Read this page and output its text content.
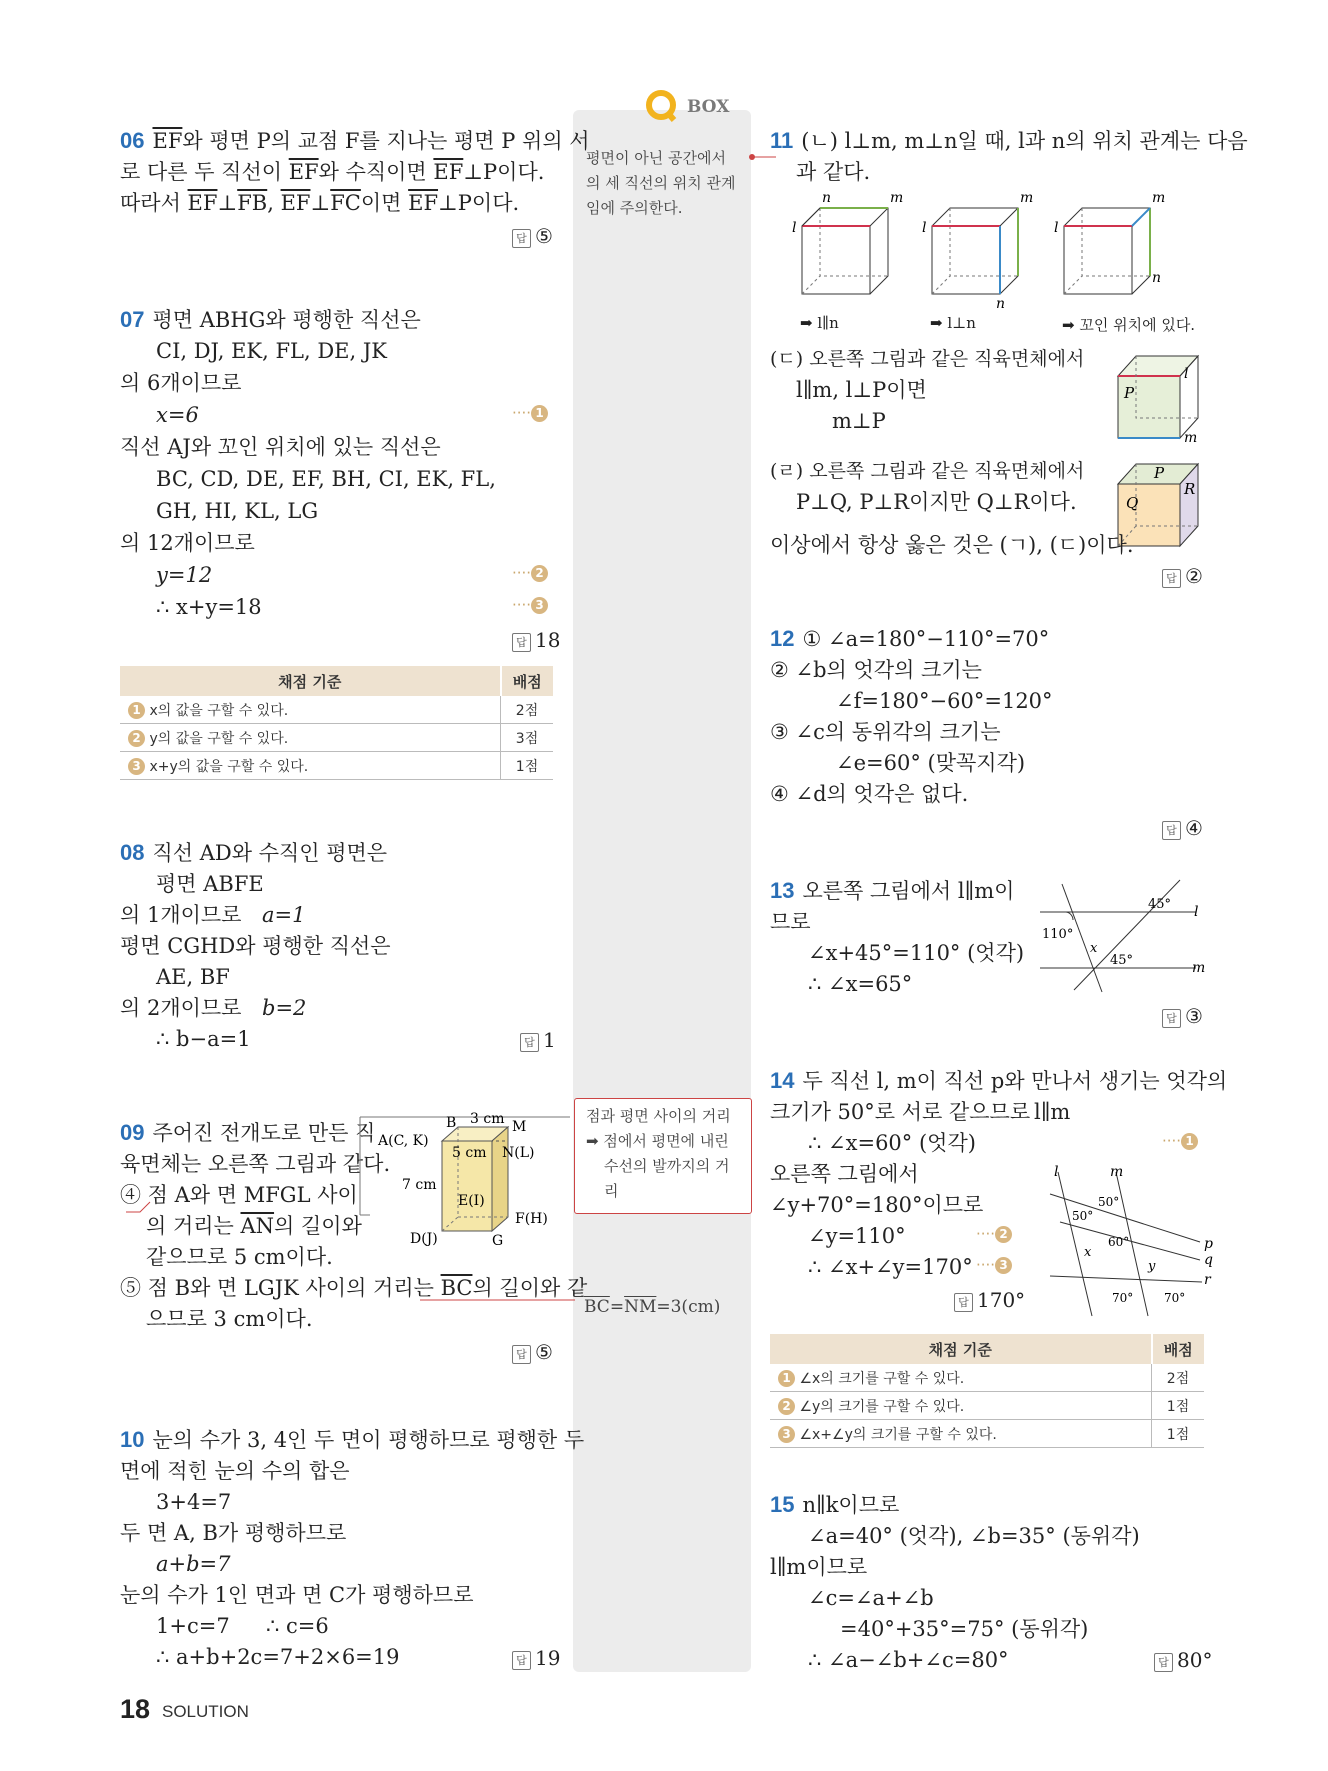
BOX
06 $\overline{EF}$와 평면 P의 교점 F를 지나는 평면 P 위의 서
로 다른 두 직선이 $\overline{EF}$와 수직이면 $\overline{EF}\perp P$이다.
따라서 $\overline{EF}\perp\overline{FB}$, $\overline{EF}\perp\overline{FC}$이면 $\overline{EF}\perp P$이다.
답 ⑤
07 평면 ABHG와 평행한 직선은
CI, DJ, EK, FL, DE, JK
의 6개이므로
x=6	···· 1
직선 AJ와 꼬인 위치에 있는 직선은
BC, CD, DE, EF, BH, CI, EK, FL,
GH, HI, KL, LG
의 12개이므로
y=12	···· 2
∴ x+y=18	···· 3
답 18
채점 기준	배점
1 x의 값을 구할 수 있다.	2점
2 y의 값을 구할 수 있다.	3점
3 x+y의 값을 구할 수 있다.	1점
08 직선 AD와 수직인 평면은
평면 ABFE
의 1개이므로 a=1
평면 CGHD와 평행한 직선은
AE, BF
의 2개이므로 b=2
∴ b−a=1	답 1
09 주어진 전개도로 만든 직
육면체는 오른쪽 그림과 같다.
④ 점 A와 면 MFGL 사이
의 거리는 $\overline{AN}$의 길이와
같으므로 5 cm이다.
⑤ 점 B와 면 LGJK 사이의 거리는 $\overline{BC}$의 길이와 같
으므로 3 cm이다.
답 ⑤
B 3 cm M
A(C, K)
5 cm N(L)
7 cm
E(I)
F(H)
D(J)	G
10 눈의 수가 3, 4인 두 면이 평행하므로 평행한 두
면에 적힌 눈의 수의 합은
3+4=7
두 면 A, B가 평행하므로
a+b=7
눈의 수가 1인 면과 면 C가 평행하므로
1+c=7 ∴ c=6
∴ a+b+2c=7+2×6=19	답 19
평면이 아닌 공간에서
의 세 직선의 위치 관계
임에 주의한다.
점과 평면 사이의 거리
➡ 점에서 평면에 내린
수선의 발까지의 거
리
$\overline{BC}=\overline{NM}=3(cm)$
11 (ㄴ) l⊥m, m⊥n일 때, l과 n의 위치 관계는 다음
과 같다.
l
n	m
l
m
n
l
m
n
➡ l∥n	➡ l⊥n	➡ 꼬인 위치에 있다.
(ㄷ) 오른쪽 그림과 같은 직육면체에서
l∥m, l⊥P이면
m⊥P
P
l
m
(ㄹ) 오른쪽 그림과 같은 직육면체에서
P⊥Q, P⊥R이지만 Q⊥R이다.
P
Q
R
이상에서 항상 옳은 것은 (ㄱ), (ㄷ)이다.
답 ②
12 ① ∠a=180°−110°=70°
② ∠b의 엇각의 크기는
∠f=180°−60°=120°
③ ∠c의 동위각의 크기는
∠e=60° (맞꼭지각)
④ ∠d의 엇각은 없다.
답 ④
13 오른쪽 그림에서 l∥m이
므로
∠x+45°=110° (엇각)
∴ ∠x=65°
l
m
45°
110°
x
45°
답 ③
14 두 직선 l, m이 직선 p와 만나서 생기는 엇각의
크기가 50°로 서로 같으므로 l∥m
∴ ∠x=60° (엇각)	···· 1
오른쪽 그림에서
∠y+70°=180°이므로
∠y=110°	···· 2
∴ ∠x+∠y=170° ···· 3
답 170°
l	m
p
q
r
50°
50°
60°
x
y
70°	70°
채점 기준	배점
1 ∠x의 크기를 구할 수 있다.	2점
2 ∠y의 크기를 구할 수 있다.	1점
3 ∠x+∠y의 크기를 구할 수 있다.	1점
15 n∥k이므로
∠a=40° (엇각), ∠b=35° (동위각)
l∥m이므로
∠c=∠a+∠b
=40°+35°=75° (동위각)
∴ ∠a−∠b+∠c=80°	답 80°
18 SOLUTION
